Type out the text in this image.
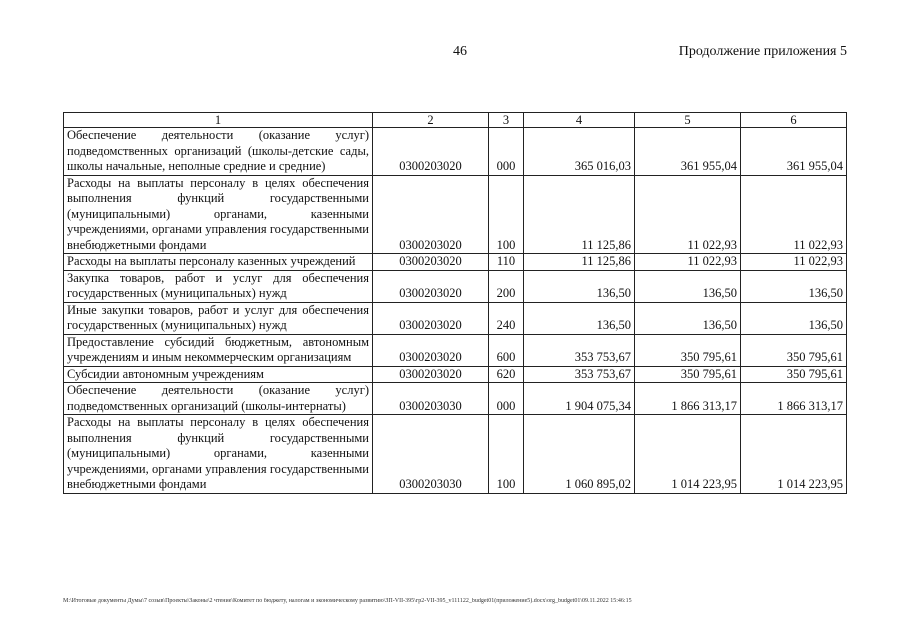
46	Продолжение приложения 5
1	2	3	4	5	6
Обеспечение деятельности (оказание услуг) подведомственных организаций (школы-детские сады, школы начальные, неполные средние и средние)	0300203020	000	365 016,03	361 955,04	361 955,04
Расходы на выплаты персоналу в целях обеспечения выполнения функций государственными (муниципальными) органами, казенными учреждениями, органами управления государственными внебюджетными фондами	0300203020	100	11 125,86	11 022,93	11 022,93
Расходы на выплаты персоналу казенных учреждений	0300203020	110	11 125,86	11 022,93	11 022,93
Закупка товаров, работ и услуг для обеспечения государственных (муниципальных) нужд	0300203020	200	136,50	136,50	136,50
Иные закупки товаров, работ и услуг для обеспечения государственных (муниципальных) нужд	0300203020	240	136,50	136,50	136,50
Предоставление субсидий бюджетным, автономным учреждениям и иным некоммерческим организациям	0300203020	600	353 753,67	350 795,61	350 795,61
Субсидии автономным учреждениям	0300203020	620	353 753,67	350 795,61	350 795,61
Обеспечение деятельности (оказание услуг) подведомственных организаций (школы-интернаты)	0300203030	000	1 904 075,34	1 866 313,17	1 866 313,17
Расходы на выплаты персоналу в целях обеспечения выполнения функций государственными (муниципальными) органами, казенными учреждениями, органами управления государственными внебюджетными фондами	0300203030	100	1 060 895,02	1 014 223,95	1 014 223,95
М:\Итоговые документы Думы\7 созыв\Проекты\Законы\2 чтение\Комитет по бюджету, налогам и экономическому развитию\ЗП-VII-395\гр2-VII-395_v111122_budget01(приложение5).docx\org_budget01\09.11.2022 15:46:15
